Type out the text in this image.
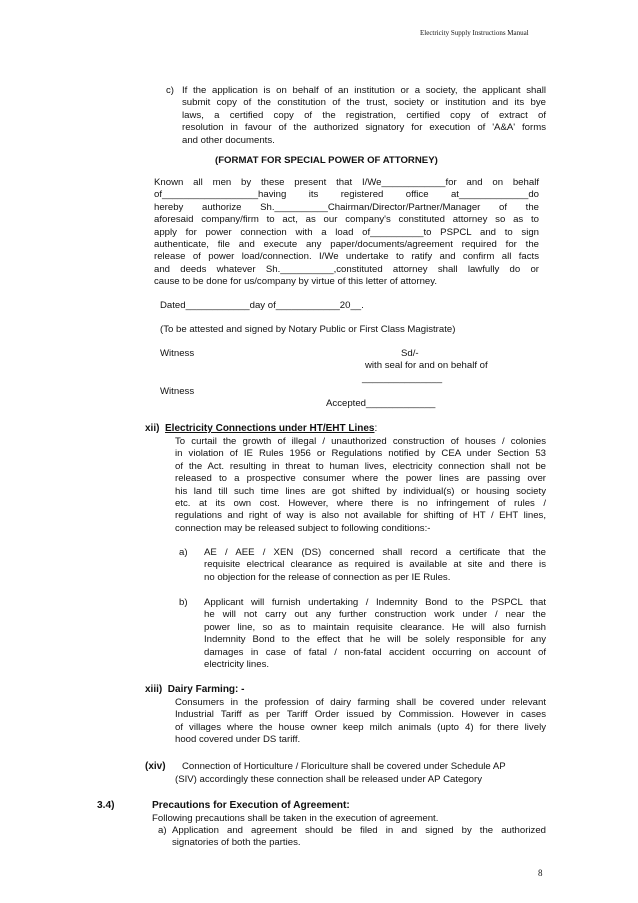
Electricity Supply Instructions Manual
c) If the application is on behalf of an institution or a society, the applicant shall
submit copy of the constitution of the trust, society or institution and its bye
laws, a certified copy of the registration, certified copy of extract of
resolution in favour of the authorized signatory for execution of 'A&A' forms
and other documents.
(FORMAT FOR SPECIAL POWER OF ATTORNEY)
Known all men by these present that I/We____________for and on behalf
of__________________having its registered office at_____________do
hereby authorize Sh.__________Chairman/Director/Partner/Manager of the
aforesaid company/firm to act, as our company's constituted attorney so as to
apply for power connection with a load of__________to PSPCL and to sign
authenticate, file and execute any paper/documents/agreement required for the
release of power load/connection. I/We undertake to ratify and confirm all facts
and deeds whatever Sh.__________,constituted attorney shall lawfully do or
cause to be done for us/company by virtue of this letter of attorney.
Dated____________day of____________20__.
(To be attested and signed by Notary Public or First Class Magistrate)
Witness	Sd/-
with seal for and on behalf of
_______________
Witness
Accepted_____________
xii) Electricity Connections under HT/EHT Lines:
To curtail the growth of illegal / unauthorized construction of houses / colonies
in violation of IE Rules 1956 or Regulations notified by CEA under Section 53
of the Act. resulting in threat to human lives, electricity connection shall not be
released to a prospective consumer where the power lines are passing over
his land till such time lines are got shifted by individual(s) or housing society
etc. at its own cost. However, where there is no infringement of rules /
regulations and right of way is also not available for shifting of HT / EHT lines,
connection may be released subject to following conditions:-
a) AE / AEE / XEN (DS) concerned shall record a certificate that the
requisite electrical clearance as required is available at site and there is
no objection for the release of connection as per IE Rules.
b) Applicant will furnish undertaking / Indemnity Bond to the PSPCL that
he will not carry out any further construction work under / near the
power line, so as to maintain requisite clearance. He will also furnish
Indemnity Bond to the effect that he will be solely responsible for any
damages in case of fatal / non-fatal accident occurring on account of
electricity lines.
xiii) Dairy Farming: -
Consumers in the profession of dairy farming shall be covered under relevant
Industrial Tariff as per Tariff Order issued by Commission. However in cases
of villages where the house owner keep milch animals (upto 4) for there lively
hood covered under DS tariff.
(xiv) Connection of Horticulture / Floriculture shall be covered under Schedule AP
(SIV) accordingly these connection shall be released under AP Category
3.4)	Precautions for Execution of Agreement:
Following precautions shall be taken in the execution of agreement.
a) Application and agreement should be filed in and signed by the authorized
signatories of both the parties.
8
